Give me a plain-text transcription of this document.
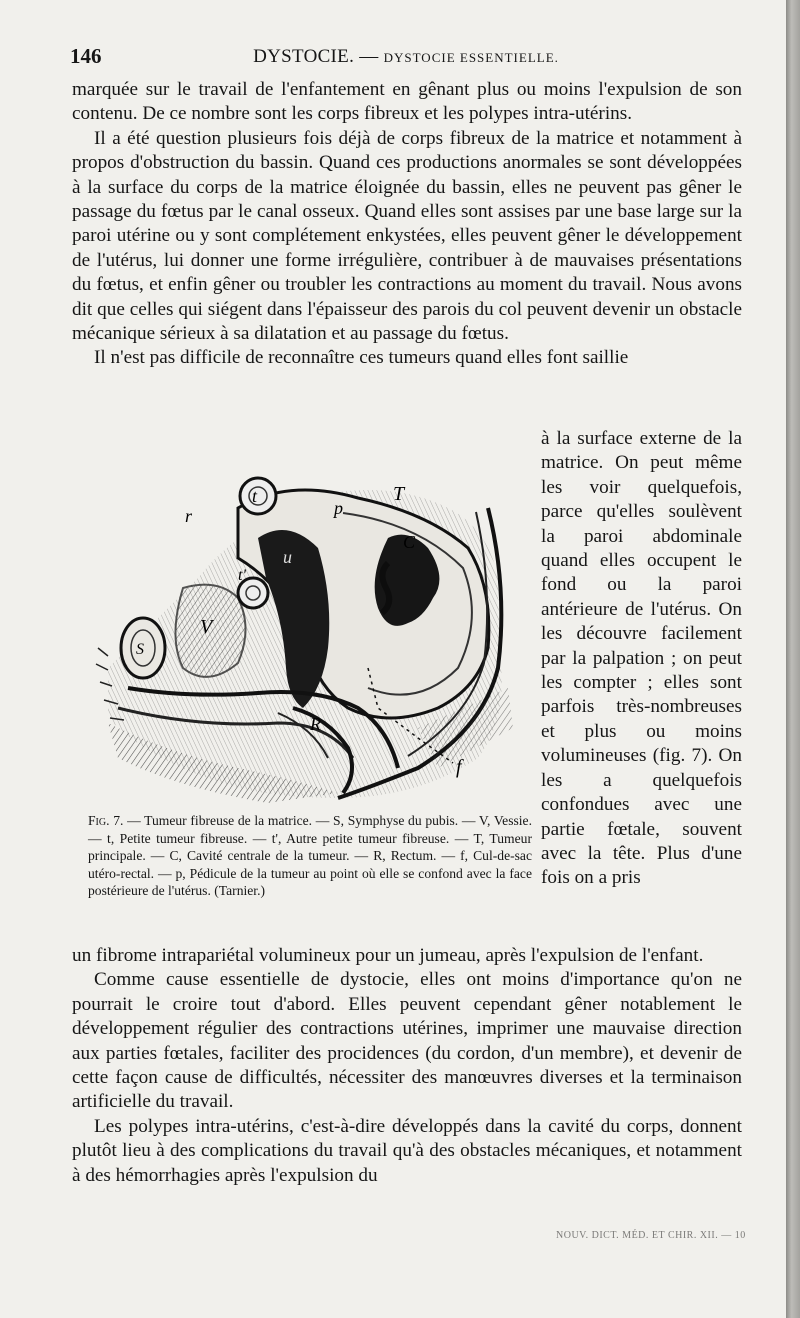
146	DYSTOCIE. — DYSTOCIE ESSENTIELLE.

marquée sur le travail de l'enfantement en gênant plus ou moins l'expulsion de son contenu. De ce nombre sont les corps fibreux et les polypes intra-utérins.

Il a été question plusieurs fois déjà de corps fibreux de la matrice et notamment à propos d'obstruction du bassin. Quand ces productions anormales se sont développées à la surface du corps de la matrice éloignée du bassin, elles ne peuvent pas gêner le passage du fœtus par le canal osseux. Quand elles sont assises par une base large sur la paroi utérine ou y sont complétement enkystées, elles peuvent gêner le développement de l'utérus, lui donner une forme irrégulière, contribuer à de mauvaises présentations du fœtus, et enfin gêner ou troubler les contractions au moment du travail. Nous avons dit que celles qui siégent dans l'épaisseur des parois du col peuvent devenir un obstacle mécanique sérieux à sa dilatation et au passage du fœtus.

Il n'est pas difficile de reconnaître ces tumeurs quand elles font saillie

à la surface externe de la matrice. On peut même les voir quelquefois, parce qu'elles soulèvent la paroi abdominale quand elles occupent le fond ou la paroi antérieure de l'utérus. On les découvre facilement par la palpation ; on peut les compter ; elles sont parfois très-nombreuses et plus ou moins volumineuses (fig. 7). On les a quelquefois confondues avec une partie fœtale, souvent avec la tête. Plus d'une fois on a pris
t	T
p
r
u
C
t'
V
S
R
f
Fig. 7. — Tumeur fibreuse de la matrice. — S, Symphyse du pubis. — V, Vessie. — t, Petite tumeur fibreuse. — t', Autre petite tumeur fibreuse. — T, Tumeur principale. — C, Cavité centrale de la tumeur. — R, Rectum. — f, Cul-de-sac utéro-rectal. — p, Pédicule de la tumeur au point où elle se confond avec la face postérieure de l'utérus. (Tarnier.)

un fibrome intrapariétal volumineux pour un jumeau, après l'expulsion de l'enfant.

Comme cause essentielle de dystocie, elles ont moins d'importance qu'on ne pourrait le croire tout d'abord. Elles peuvent cependant gêner notablement le développement régulier des contractions utérines, imprimer une mauvaise direction aux parties fœtales, faciliter des procidences (du cordon, d'un membre), et devenir de cette façon cause de difficultés, nécessiter des manœuvres diverses et la terminaison artificielle du travail.

Les polypes intra-utérins, c'est-à-dire développés dans la cavité du corps, donnent plutôt lieu à des complications du travail qu'à des obstacles mécaniques, et notamment à des hémorrhagies après l'expulsion du

NOUV. DICT. MÉD. ET CHIR. XII. — 10
